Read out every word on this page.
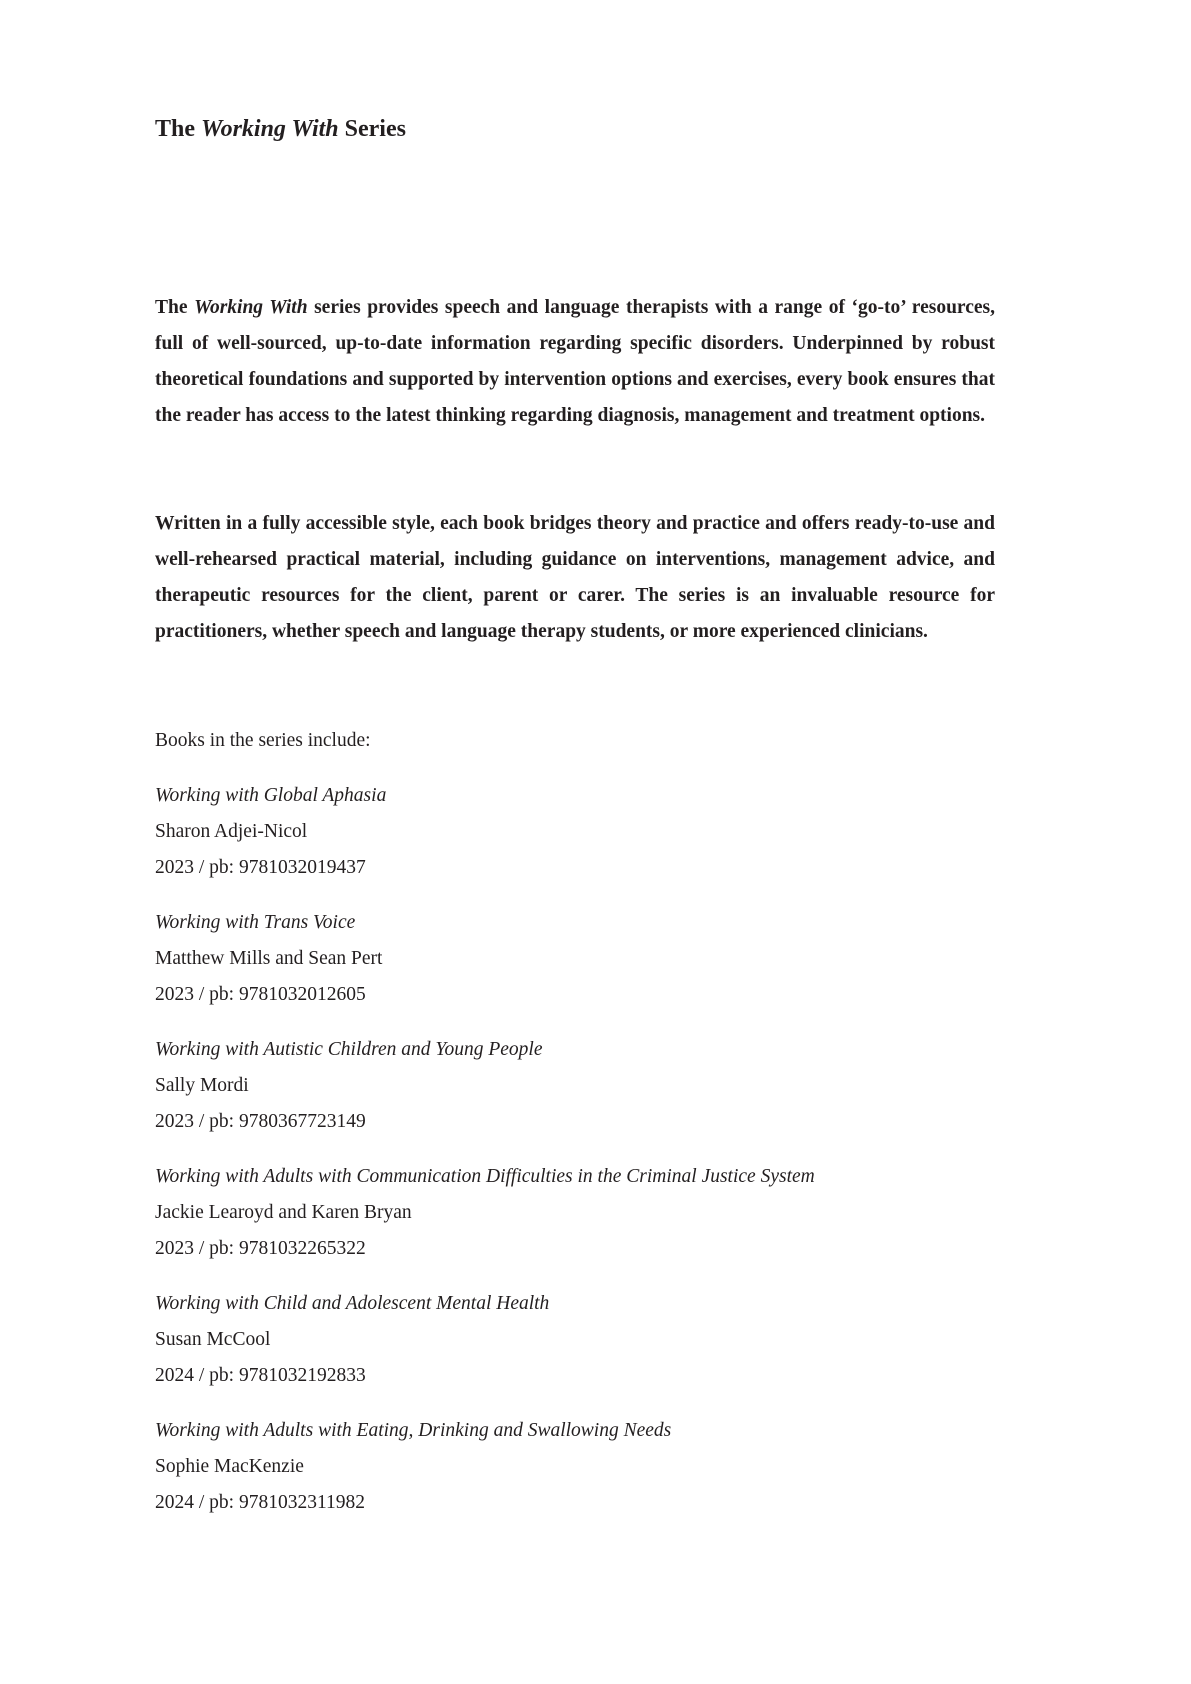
The Working With Series

The Working With series provides speech and language therapists with a range of ‘go-to’ resources, full of well-sourced, up-to-date information regarding specific disorders. Underpinned by robust theoretical foundations and supported by intervention options and exercises, every book ensures that the reader has access to the latest thinking regarding diagnosis, management and treatment options.

Written in a fully accessible style, each book bridges theory and practice and offers ready-to-use and well-rehearsed practical material, including guidance on interventions, management advice, and therapeutic resources for the client, parent or carer. The series is an invaluable resource for practitioners, whether speech and language therapy students, or more experienced clinicians.

Books in the series include:

Working with Global Aphasia
Sharon Adjei-Nicol
2023 / pb: 9781032019437
Working with Trans Voice
Matthew Mills and Sean Pert
2023 / pb: 9781032012605
Working with Autistic Children and Young People
Sally Mordi
2023 / pb: 9780367723149
Working with Adults with Communication Difficulties in the Criminal Justice System
Jackie Learoyd and Karen Bryan
2023 / pb: 9781032265322
Working with Child and Adolescent Mental Health
Susan McCool
2024 / pb: 9781032192833
Working with Adults with Eating, Drinking and Swallowing Needs
Sophie MacKenzie
2024 / pb: 9781032311982
